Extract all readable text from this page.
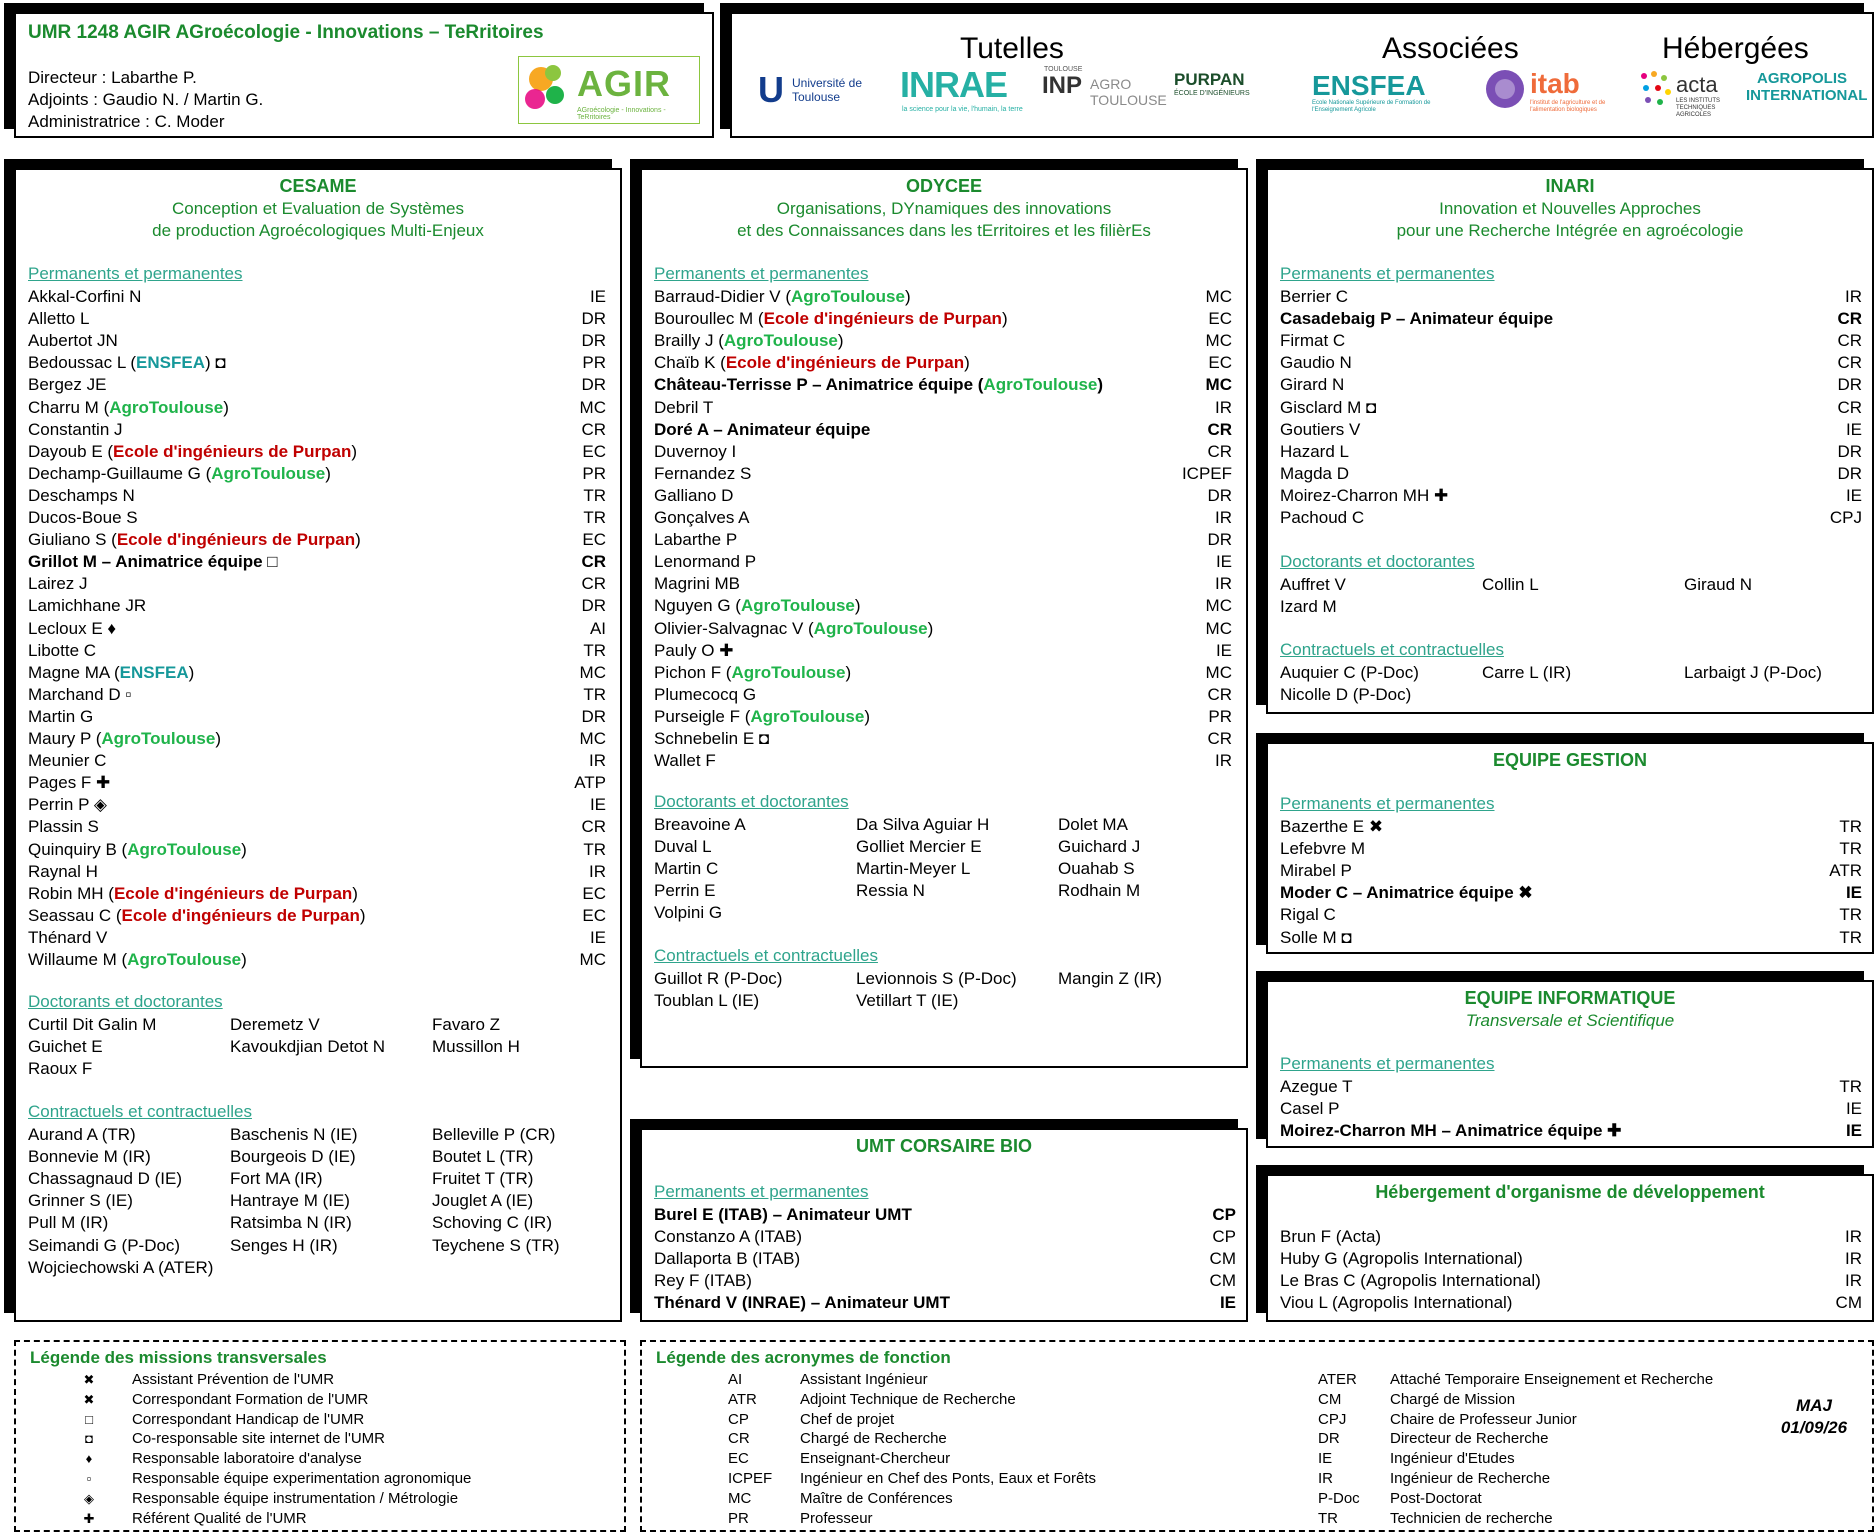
UMR 1248 AGIR AGroécologie - Innovations – TeRritoires
Directeur : Labarthe P.
Adjoints : Gaudio N. / Martin G.
Administratrice : C. Moder
AGIR
AGroécologie - Innovations - TeRritoires
Tutelles	Associées	Hébergées
U Université de Toulouse	INRAE
la science pour la vie, l'humain, la terre
TOULOUSE
INP AGRO TOULOUSE
PURPAN
ÉCOLE D'INGÉNIEURS ENSFEA
Ecole Nationale Supérieure de Formation de l'Enseignement Agricole
itab
l'institut de l'agriculture et de l'alimentation biologiques
acta
LES INSTITUTS TECHNIQUES AGRICOLES
AGROPOLIS INTERNATIONAL
CESAME
Conception et Evaluation de Systèmes
de production Agroécologiques Multi-Enjeux
Permanents et permanentes
Akkal-Corfini N	IE
Alletto L	DR
Aubertot JN	DR
Bedoussac L (ENSFEA) ◘	PR
Bergez JE	DR
Charru M (AgroToulouse)	MC
Constantin J	CR
Dayoub E (Ecole d'ingénieurs de Purpan)	EC
Dechamp-Guillaume G (AgroToulouse)	PR
Deschamps N	TR
Ducos-Boue S	TR
Giuliano S (Ecole d'ingénieurs de Purpan)	EC
Grillot M – Animatrice équipe □	CR
Lairez J	CR
Lamichhane JR	DR
Lecloux E ♦	AI
Libotte C	TR
Magne MA (ENSFEA)	MC
Marchand D ▫	TR
Martin G	DR
Maury P (AgroToulouse)	MC
Meunier C	IR
Pages F ✚	ATP
Perrin P ◈	IE
Plassin S	CR
Quinquiry B (AgroToulouse)	TR
Raynal H	IR
Robin MH (Ecole d'ingénieurs de Purpan)	EC
Seassau C (Ecole d'ingénieurs de Purpan)	EC
Thénard V	IE
Willaume M (AgroToulouse)	MC
Doctorants et doctorantes
Curtil Dit Galin M	Deremetz V	Favaro Z
Guichet E	Kavoukdjian Detot N	Mussillon H
Raoux F
Contractuels et contractuelles
Aurand A (TR)	Baschenis N (IE)	Belleville P (CR)
Bonnevie M (IR)	Bourgeois D (IE)	Boutet L (TR)
Chassagnaud D (IE)	Fort MA (IR)	Fruitet T (TR)
Grinner S (IE)	Hantraye M (IE)	Jouglet A (IE)
Pull M (IR)	Ratsimba N (IR)	Schoving C (IR)
Seimandi G (P-Doc)	Senges H (IR)	Teychene S (TR)
Wojciechowski A (ATER)
ODYCEE
Organisations, DYnamiques des innovations
et des Connaissances dans les tErritoires et les filièrEs
Permanents et permanentes
Barraud-Didier V (AgroToulouse)	MC
Bouroullec M (Ecole d'ingénieurs de Purpan)	EC
Brailly J (AgroToulouse)	MC
Chaïb K (Ecole d'ingénieurs de Purpan)	EC
Château-Terrisse P – Animatrice équipe (AgroToulouse)	MC
Debril T	IR
Doré A – Animateur équipe	CR
Duvernoy I	CR
Fernandez S	ICPEF
Galliano D	DR
Gonçalves A	IR
Labarthe P	DR
Lenormand P	IE
Magrini MB	IR
Nguyen G (AgroToulouse)	MC
Olivier-Salvagnac V (AgroToulouse)	MC
Pauly O ✚	IE
Pichon F (AgroToulouse)	MC
Plumecocq G	CR
Purseigle F (AgroToulouse)	PR
Schnebelin E ◘	CR
Wallet F	IR
Doctorants et doctorantes
Breavoine A	Da Silva Aguiar H	Dolet MA
Duval L	Golliet Mercier E	Guichard J
Martin C	Martin-Meyer L	Ouahab S
Perrin E	Ressia N	Rodhain M
Volpini G
Contractuels et contractuelles
Guillot R (P-Doc)	Levionnois S (P-Doc) Mangin Z (IR)
Toublan L (IE)	Vetillart T (IE)
INARI
Innovation et Nouvelles Approches
pour une Recherche Intégrée en agroécologie
Permanents et permanentes
Berrier C	IR
Casadebaig P – Animateur équipe	CR
Firmat C	CR
Gaudio N	CR
Girard N	DR
Gisclard M ◘	CR
Goutiers V	IE
Hazard L	DR
Magda D	DR
Moirez-Charron MH ✚	IE
Pachoud C	CPJ
Doctorants et doctorantes
Auffret V	Collin L	Giraud N
Izard M
Contractuels et contractuelles
Auquier C (P-Doc)	Carre L (IR)	Larbaigt J (P-Doc)
Nicolle D (P-Doc)
EQUIPE GESTION
Permanents et permanentes
Bazerthe E ✖	TR
Lefebvre M	TR
Mirabel P	ATR
Moder C – Animatrice équipe ✖	IE
Rigal C	TR
Solle M ◘	TR
EQUIPE INFORMATIQUE
Transversale et Scientifique
Permanents et permanentes
Azegue T	TR
Casel P	IE
Moirez-Charron MH – Animatrice équipe ✚	IE
UMT CORSAIRE BIO
Permanents et permanentes
Burel E (ITAB) – Animateur UMT	CP
Constanzo A (ITAB)	CP
Dallaporta B (ITAB)	CM
Rey F (ITAB)	CM
Thénard V (INRAE) – Animateur UMT	IE
Hébergement d'organisme de développement
Brun F (Acta)	IR
Huby G (Agropolis International)	IR
Le Bras C (Agropolis International)	IR
Viou L (Agropolis International)	CM
Légende des missions transversales
✖	Assistant Prévention de l'UMR
✖	Correspondant Formation de l'UMR
□	Correspondant Handicap de l'UMR
◘	Co-responsable site internet de l'UMR
♦	Responsable laboratoire d'analyse
▫	Responsable équipe experimentation agronomique
◈	Responsable équipe instrumentation / Métrologie
✚	Référent Qualité de l'UMR
Légende des acronymes de fonction
AI	Assistant Ingénieur
ATR	Adjoint Technique de Recherche
CP	Chef de projet
CR	Chargé de Recherche
EC	Enseignant-Chercheur
ICPEF Ingénieur en Chef des Ponts, Eaux et Forêts
MC	Maître de Conférences
PR	Professeur
ATER Attaché Temporaire Enseignement et Recherche
CM	Chargé de Mission
CPJ	Chaire de Professeur Junior
DR	Directeur de Recherche
IE	Ingénieur d'Etudes
IR	Ingénieur de Recherche
P-Doc Post-Doctorat
TR	Technicien de recherche
MAJ
01/09/26
